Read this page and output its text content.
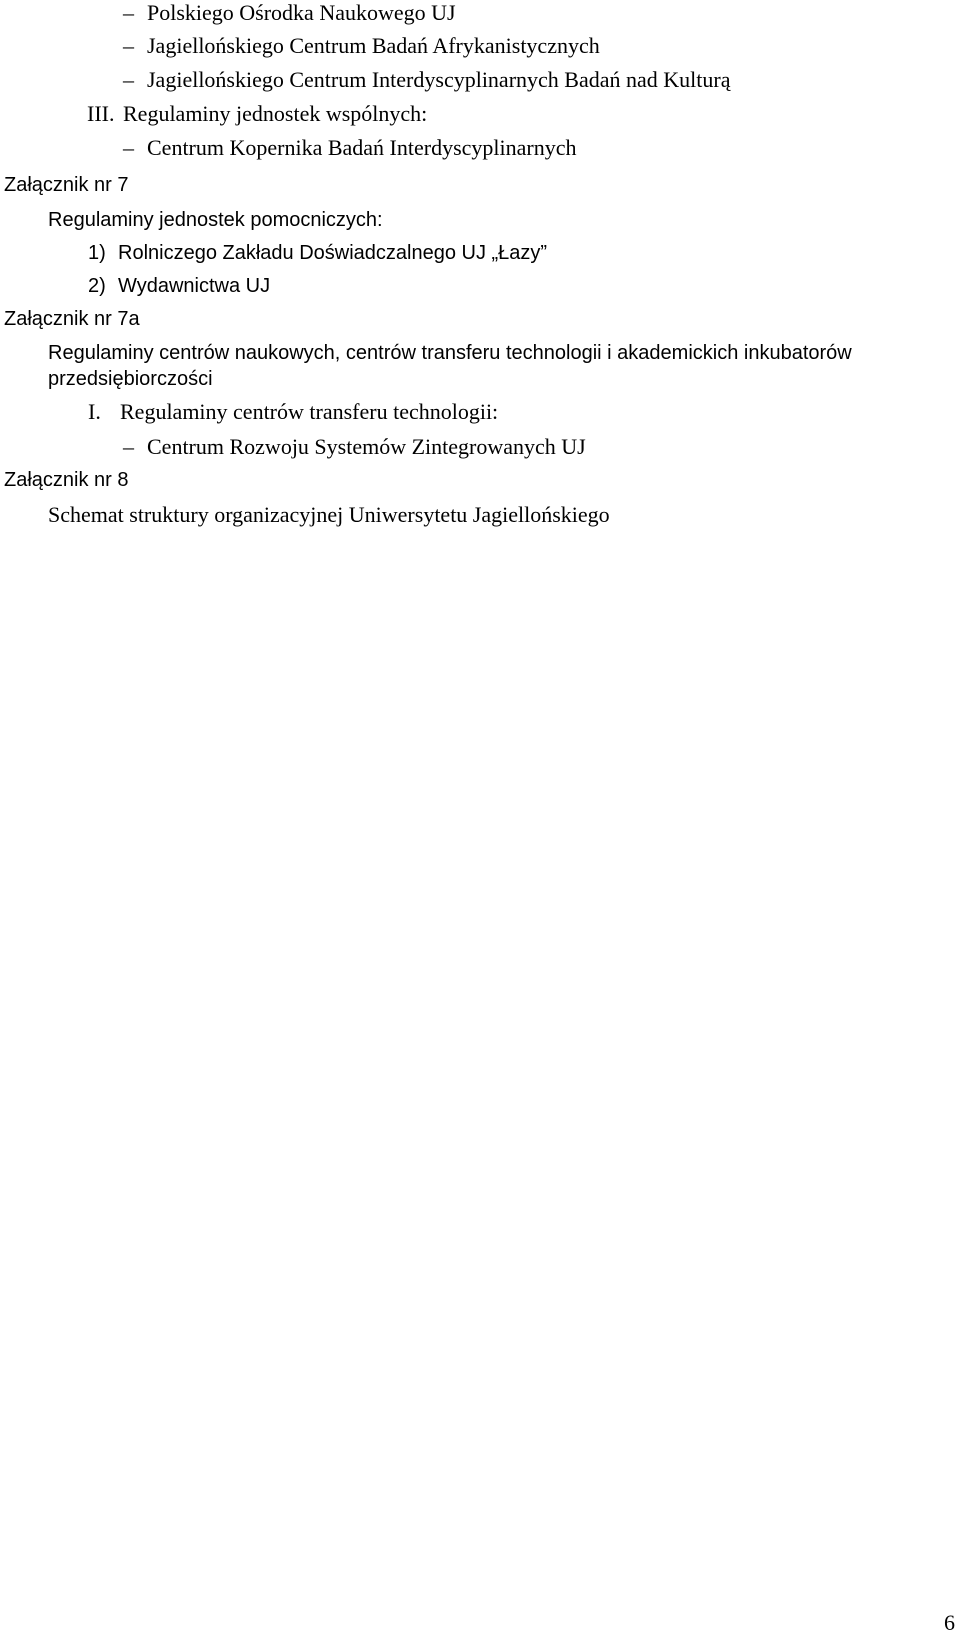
– Polskiego Ośrodka Naukowego UJ
– Jagiellońskiego Centrum Badań Afrykanistycznych
– Jagiellońskiego Centrum Interdyscyplinarnych Badań nad Kulturą
III. Regulaminy jednostek wspólnych:
– Centrum Kopernika Badań Interdyscyplinarnych
Załącznik nr 7
Regulaminy jednostek pomocniczych:
1) Rolniczego Zakładu Doświadczalnego UJ „Łazy”
2) Wydawnictwa UJ
Załącznik nr 7a
Regulaminy centrów naukowych, centrów transferu technologii i akademickich inkubatorów
przedsiębiorczości
I. Regulaminy centrów transferu technologii:
– Centrum Rozwoju Systemów Zintegrowanych UJ
Załącznik nr 8
Schemat struktury organizacyjnej Uniwersytetu Jagiellońskiego
6
